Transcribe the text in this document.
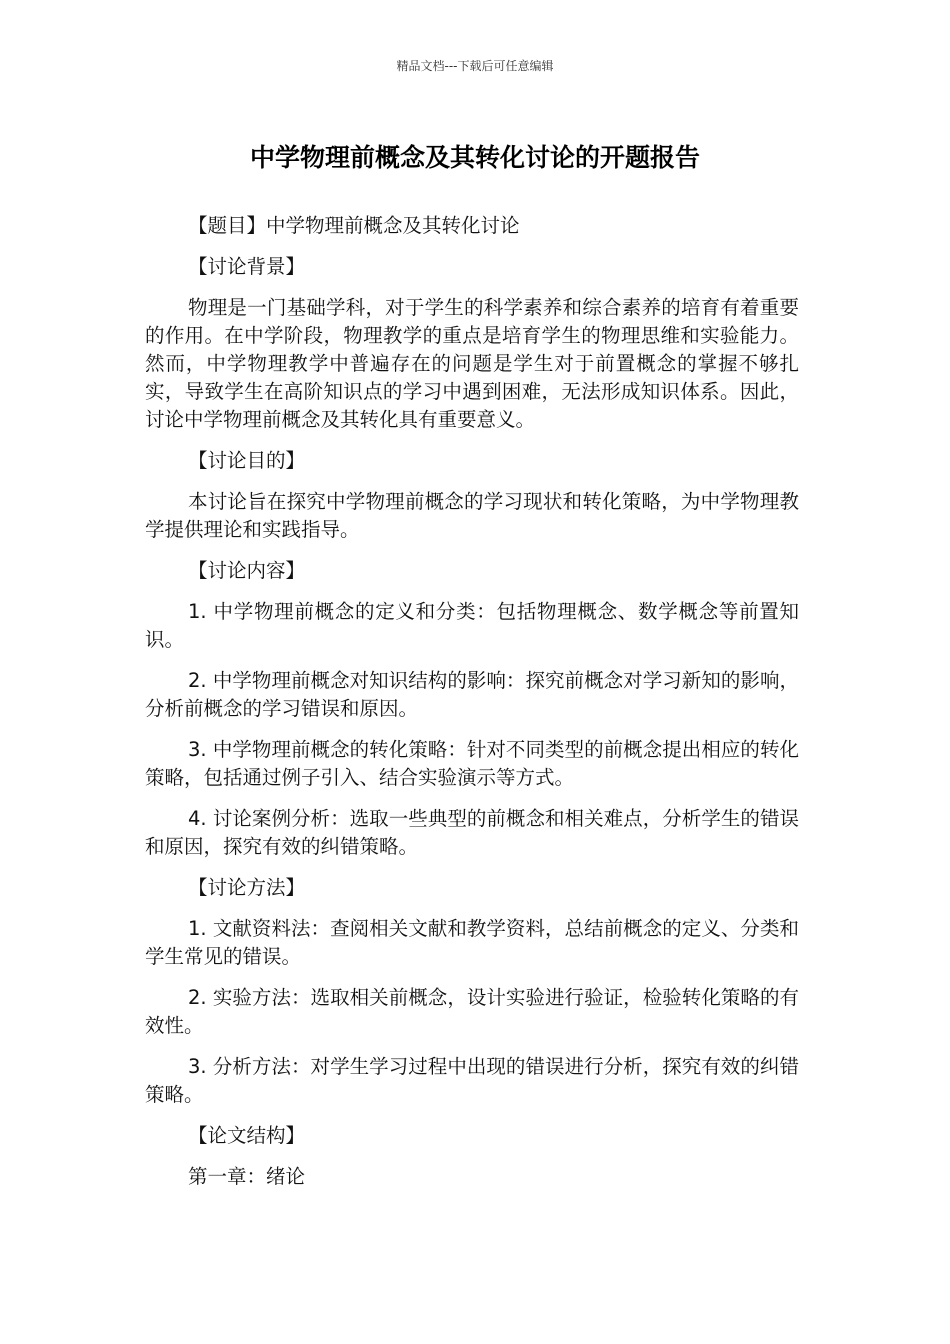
精品文档---下载后可任意编辑
中学物理前概念及其转化讨论的开题报告

【题目】中学物理前概念及其转化讨论

【讨论背景】

物理是一门基础学科，对于学生的科学素养和综合素养的培育有着重要的作用。在中学阶段，物理教学的重点是培育学生的物理思维和实验能力。然而，中学物理教学中普遍存在的问题是学生对于前置概念的掌握不够扎实，导致学生在高阶知识点的学习中遇到困难，无法形成知识体系。因此，讨论中学物理前概念及其转化具有重要意义。

【讨论目的】

本讨论旨在探究中学物理前概念的学习现状和转化策略，为中学物理教学提供理论和实践指导。

【讨论内容】

1. 中学物理前概念的定义和分类：包括物理概念、数学概念等前置知识。

2. 中学物理前概念对知识结构的影响：探究前概念对学习新知的影响，分析前概念的学习错误和原因。

3. 中学物理前概念的转化策略：针对不同类型的前概念提出相应的转化策略，包括通过例子引入、结合实验演示等方式。

4. 讨论案例分析：选取一些典型的前概念和相关难点，分析学生的错误和原因，探究有效的纠错策略。

【讨论方法】

1. 文献资料法：查阅相关文献和教学资料，总结前概念的定义、分类和学生常见的错误。

2. 实验方法：选取相关前概念，设计实验进行验证，检验转化策略的有效性。

3. 分析方法：对学生学习过程中出现的错误进行分析，探究有效的纠错策略。

【论文结构】

第一章：绪论
